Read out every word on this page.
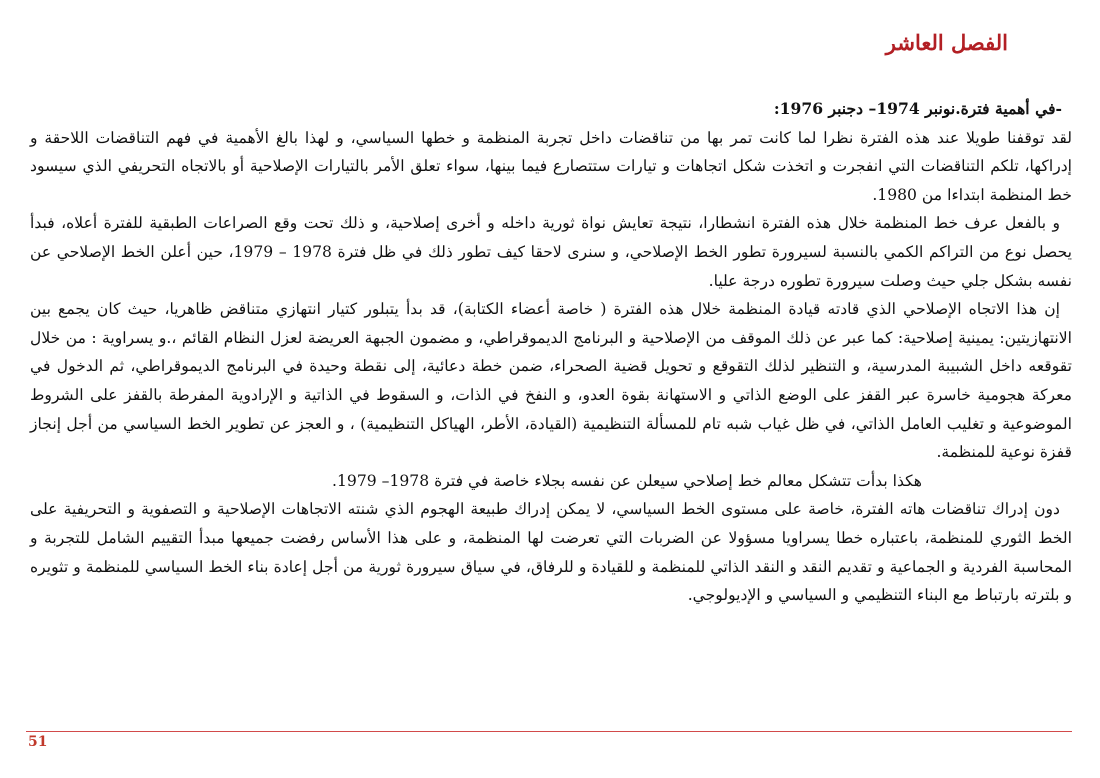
الفصل العاشر

-في أهمية فترة.نونبر 1974– دجنبر 1976:

لقد توقفنا طويلا عند هذه الفترة نظرا لما كانت تمر بها من تناقضات داخل تجربة المنظمة و خطها السياسي، و لهذا بالغ الأهمية في فهم التناقضات اللاحقة و إدراكها، تلكم التناقضات التي انفجرت و اتخذت شكل اتجاهات و تيارات ستتصارع فيما بينها، سواء تعلق الأمر بالتيارات الإصلاحية أو بالاتجاه التحريفي الذي سيسود خط المنظمة ابتداءا من 1980.

و بالفعل عرف خط المنظمة خلال هذه الفترة انشطارا، نتيجة تعايش نواة ثورية داخله و أخرى إصلاحية، و ذلك تحت وقع الصراعات الطبقية للفترة أعلاه، فبدأ يحصل نوع من التراكم الكمي بالنسبة لسيرورة تطور الخط الإصلاحي، و سنرى لاحقا كيف تطور ذلك في ظل فترة 1978 – 1979، حين أعلن الخط الإصلاحي عن نفسه بشكل جلي حيث وصلت سيرورة تطوره درجة عليا.

إن هذا الاتجاه الإصلاحي الذي قادته قيادة المنظمة خلال هذه الفترة ( خاصة أعضاء الكتابة)، قد بدأ يتبلور كتيار انتهازي متناقض ظاهريا، حيث كان يجمع بين الانتهازيتين: يمينية إصلاحية: كما عبر عن ذلك الموقف من الإصلاحية و البرنامج الديموقراطي، و مضمون الجبهة العريضة لعزل النظام القائم ،.و يسراوية : من خلال تقوقعه داخل الشبيبة المدرسية، و التنظير لذلك التقوقع و تحويل قضية الصحراء، ضمن خطة دعائية، إلى نقطة وحيدة في البرنامج الديموقراطي، ثم الدخول في معركة هجومية خاسرة عبر القفز على الوضع الذاتي و الاستهانة بقوة العدو، و النفخ في الذات، و السقوط في الذاتية و الإرادوية المفرطة بالقفز على الشروط الموضوعية و تغليب العامل الذاتي، في ظل غياب شبه تام للمسألة التنظيمية (القيادة، الأطر، الهياكل التنظيمية) ، و العجز عن تطوير الخط السياسي من أجل إنجاز قفزة نوعية للمنظمة.

هكذا بدأت تتشكل معالم خط إصلاحي سيعلن عن نفسه بجلاء خاصة في فترة 1978– 1979.

دون إدراك تناقضات هاته الفترة، خاصة على مستوى الخط السياسي، لا يمكن إدراك طبيعة الهجوم الذي شنته الاتجاهات الإصلاحية و التصفوية و التحريفية على الخط الثوري للمنظمة، باعتباره خطا يسراويا مسؤولا عن الضربات التي تعرضت لها المنظمة، و على هذا الأساس رفضت جميعها مبدأ التقييم الشامل للتجربة و المحاسبة الفردية و الجماعية و تقديم النقد و النقد الذاتي للمنظمة و للقيادة و للرفاق، في سياق سيرورة ثورية من أجل إعادة بناء الخط السياسي للمنظمة و تثويره و بلترته بارتباط مع البناء التنظيمي و السياسي و الإديولوجي.

51
